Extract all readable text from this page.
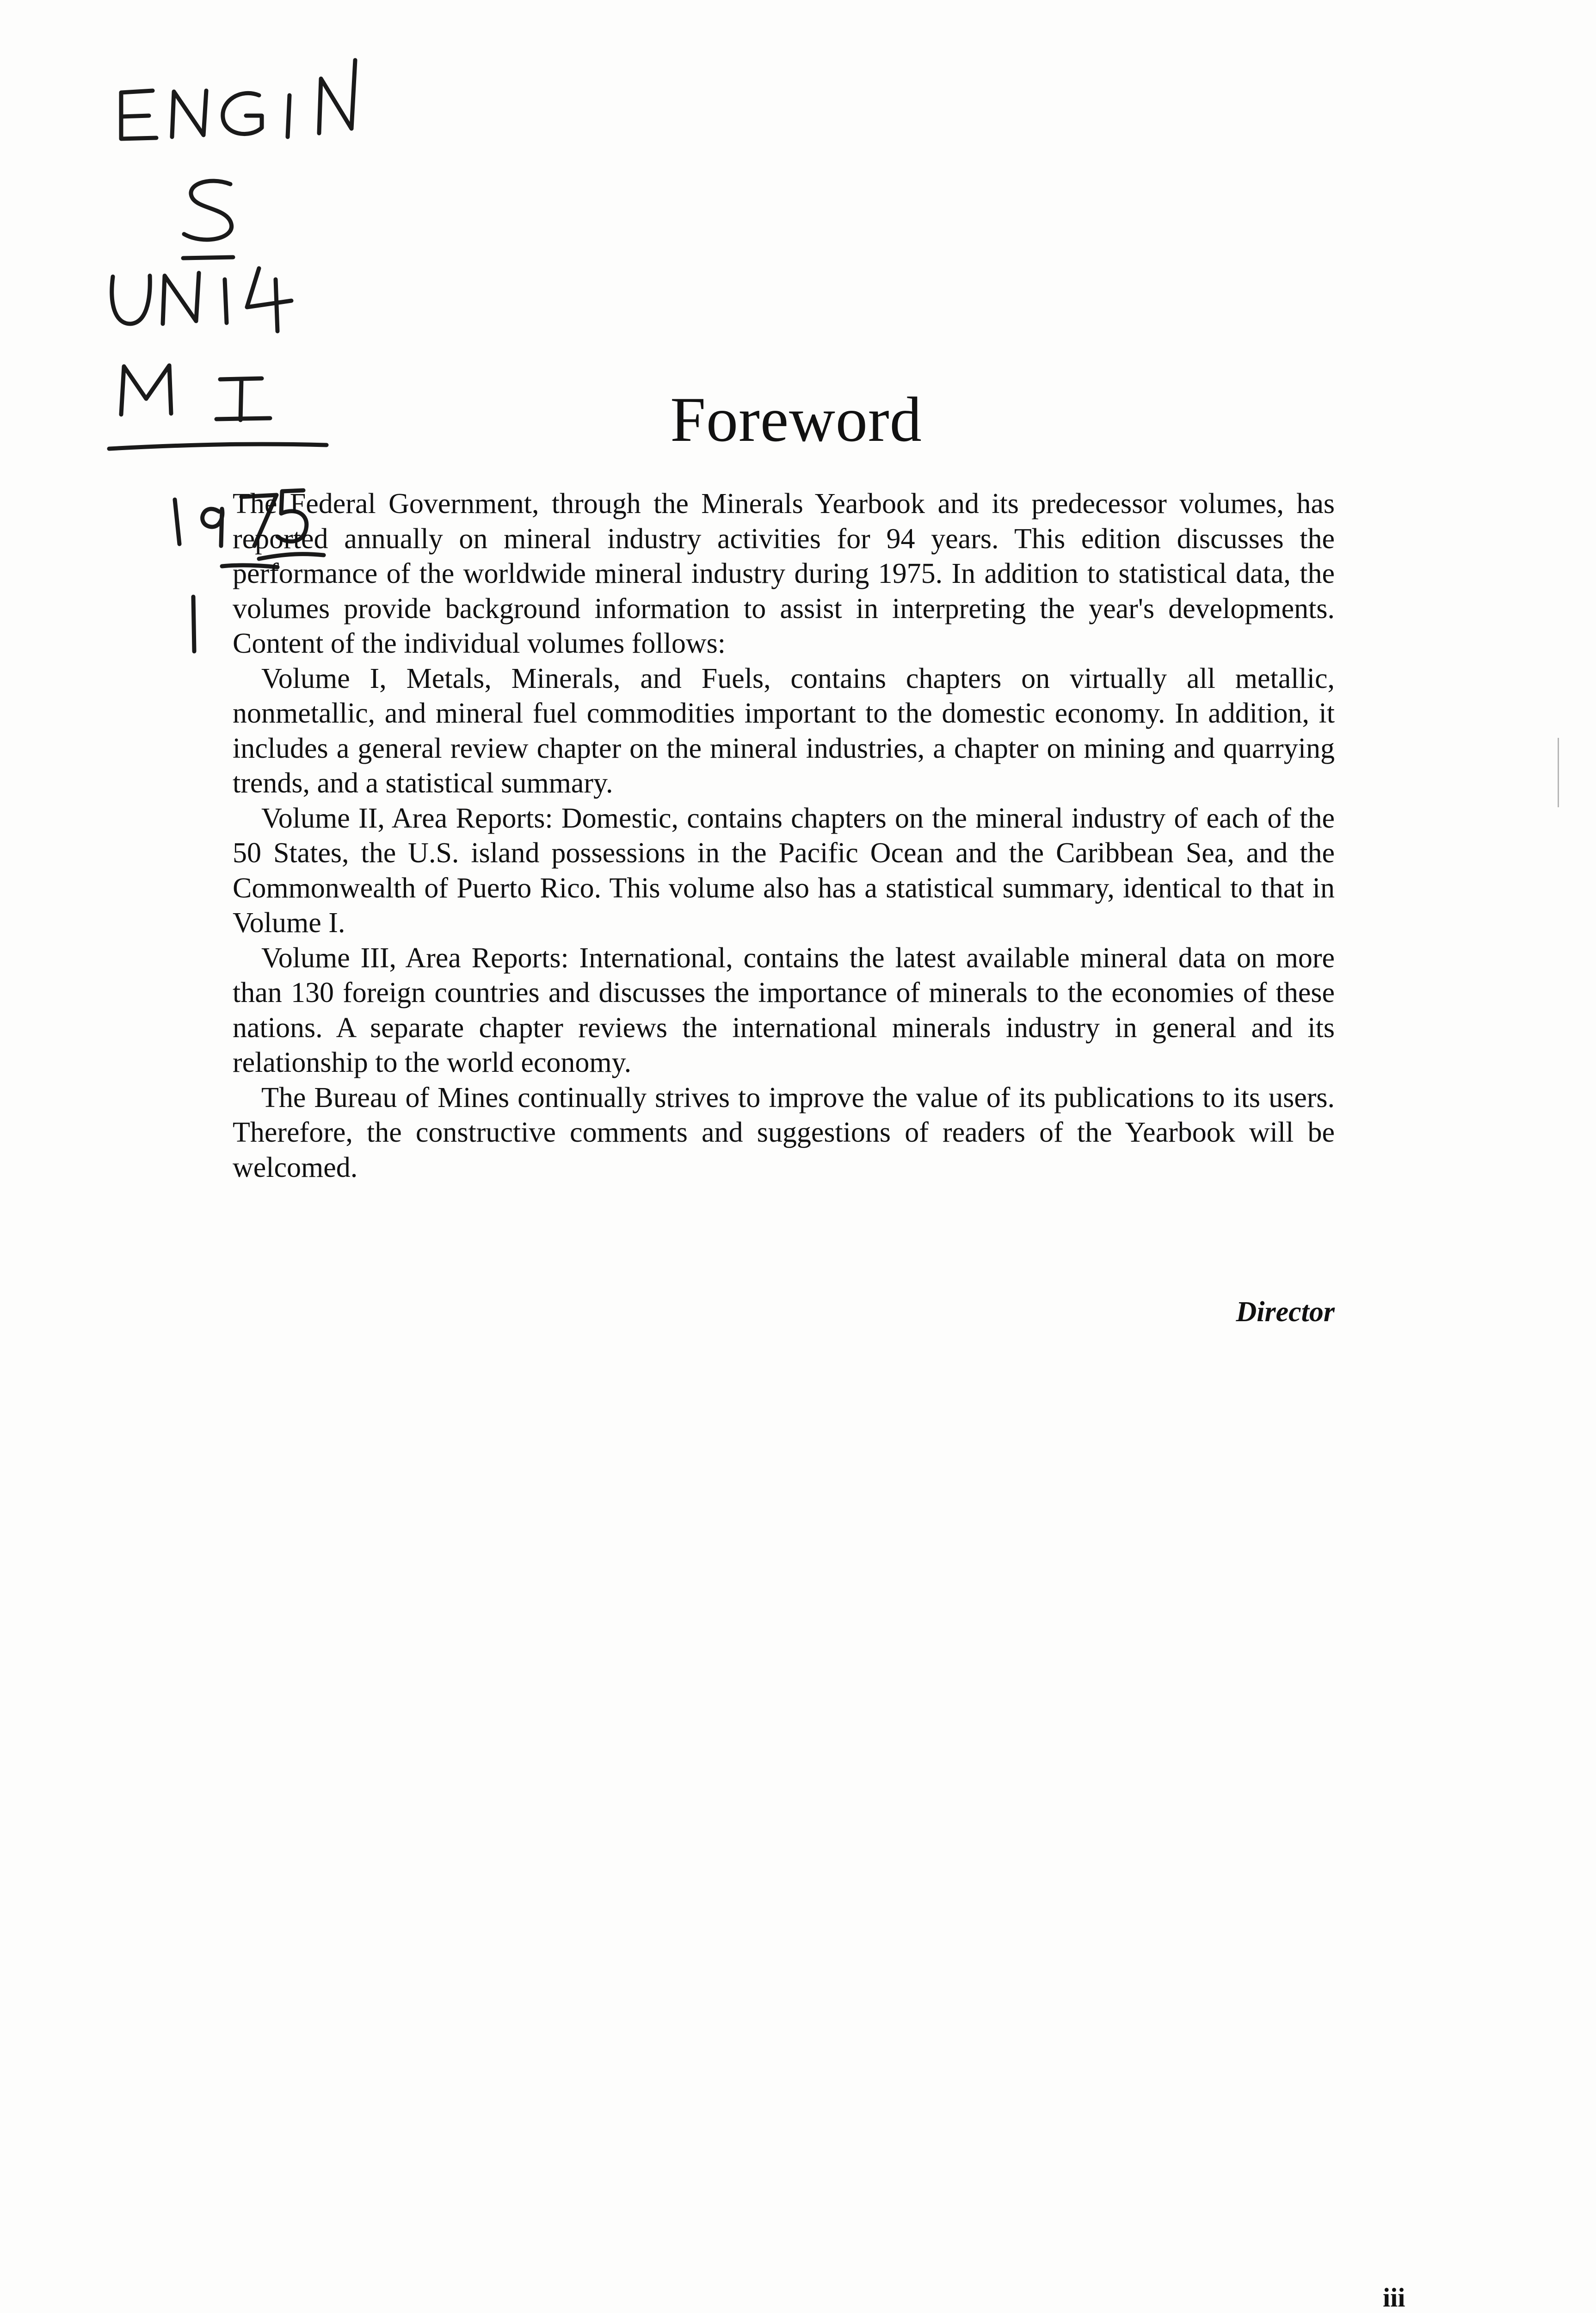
Foreword

The Federal Government, through the Minerals Yearbook and its predecessor volumes, has reported annually on mineral industry activities for 94 years. This edition discusses the performance of the worldwide mineral industry during 1975. In addition to statistical data, the volumes provide background information to assist in interpreting the year's developments. Content of the individual volumes follows:

Volume I, Metals, Minerals, and Fuels, contains chapters on virtually all metallic, nonmetallic, and mineral fuel commodities important to the domestic economy. In addition, it includes a general review chapter on the mineral industries, a chapter on mining and quarrying trends, and a statistical summary.

Volume II, Area Reports: Domestic, contains chapters on the mineral industry of each of the 50 States, the U.S. island possessions in the Pacific Ocean and the Caribbean Sea, and the Commonwealth of Puerto Rico. This volume also has a statistical summary, identical to that in Volume I.

Volume III, Area Reports: International, contains the latest available mineral data on more than 130 foreign countries and discusses the importance of minerals to the economies of these nations. A separate chapter reviews the international minerals industry in general and its relationship to the world economy.

The Bureau of Mines continually strives to improve the value of its publications to its users. Therefore, the constructive comments and suggestions of readers of the Yearbook will be welcomed.

Director
iii
